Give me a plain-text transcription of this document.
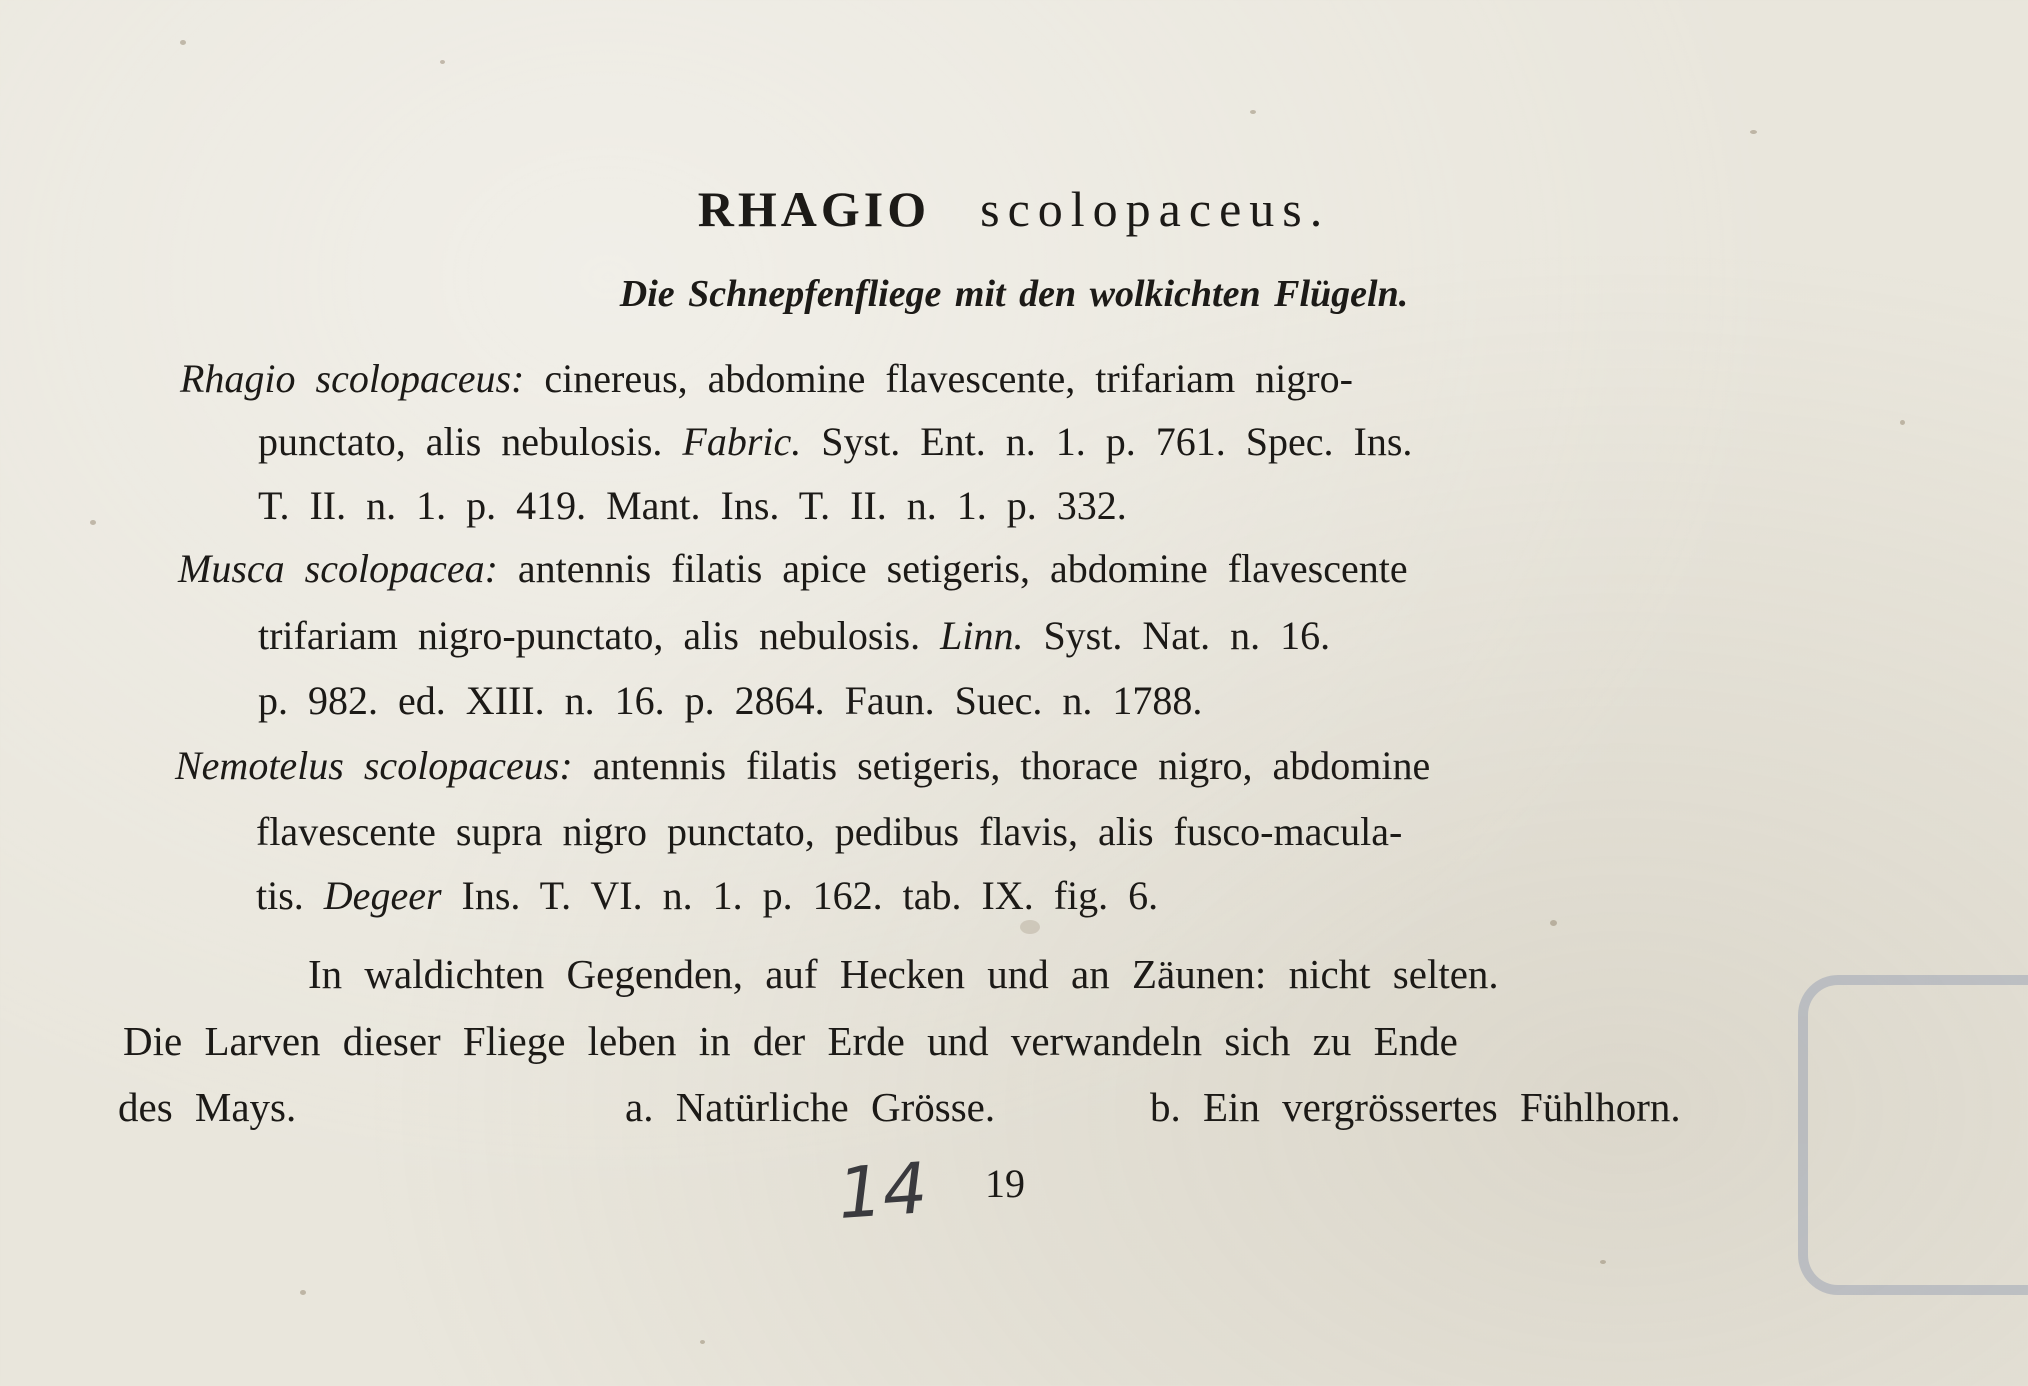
RHAGIO scolopaceus.
Die Schnepfenfliege mit den wolkichten Flügeln.
Rhagio scolopaceus: cinereus, abdomine flavescente, trifariam nigro-
punctato, alis nebulosis. Fabric. Syst. Ent. n. 1. p. 761. Spec. Ins.
T. II. n. 1. p. 419. Mant. Ins. T. II. n. 1. p. 332.
Musca scolopacea: antennis filatis apice setigeris, abdomine flavescente
trifariam nigro-punctato, alis nebulosis. Linn. Syst. Nat. n. 16.
p. 982. ed. XIII. n. 16. p. 2864. Faun. Suec. n. 1788.
Nemotelus scolopaceus: antennis filatis setigeris, thorace nigro, abdomine
flavescente supra nigro punctato, pedibus flavis, alis fusco-macula-
tis. Degeer Ins. T. VI. n. 1. p. 162. tab. IX. fig. 6.
In waldichten Gegenden, auf Hecken und an Zäunen: nicht selten.
Die Larven dieser Fliege leben in der Erde und verwandeln sich zu Ende
des Mays.	a. Natürliche Grösse.	b. Ein vergrössertes Fühlhorn.
14 19
